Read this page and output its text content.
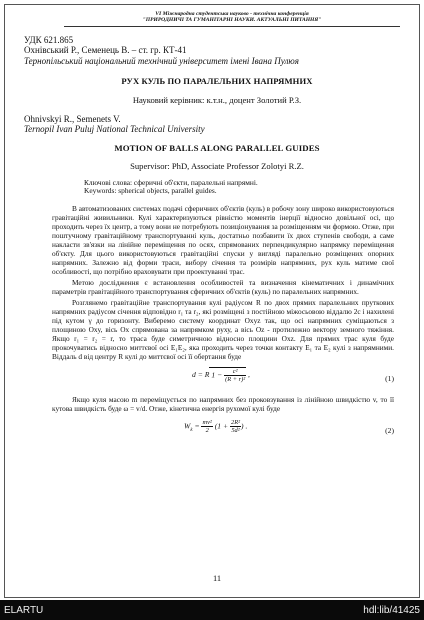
VI Міжнародна студентська науково - технічна конференція
"ПРИРОДНИЧІ ТА ГУМАНІТАРНІ НАУКИ. АКТУАЛЬНІ ПИТАННЯ"
УДК 621.865
Охнівський Р., Семенець В. – ст. гр. КТ-41
Тернопільський національний технічний університет імені Івана Пулюя
РУХ КУЛЬ ПО ПАРАЛЕЛЬНИХ НАПРЯМНИХ
Науковий керівник: к.т.н., доцент Золотий Р.З.
Ohnivskyi R., Semenets V.
Ternopil Ivan Puluj National Technical University
MOTION OF BALLS ALONG PARALLEL GUIDES
Supervisor: PhD, Associate Professor Zolotyi R.Z.
Ключові слова: сферичні об'єкти, паралельні напрямні.
Keywords: spherical objects, parallel guides.

В автоматизованих системах подачі сферичних об'єктів (куль) в робочу зону широко використовуються гравітаційні живильники. Кулі характеризуються рівністю моментів інерції відносно довільної осі, що проходить через їх центр, а тому вони не потребують позиціонування за розміщенням чи формою. Отже, при поштучному гравітаційному транспортуванні куль, достатньо позбавити їх двох ступенів свободи, а саме накласти зв'язки на лінійне переміщення по осях, спрямованих перпендикулярно напрямку переміщення об'єкту. Для цього використовуються гравітаційні спуски у вигляді паралельно розміщених опорних напрямних. Залежно від форми траси, вибору січення та розмірів напрямних, рух куль матиме свої особливості, що потрібно враховувати при проектуванні трас.

Метою дослідження є встановлення особливостей та визначення кінематичних і динамічних параметрів гравітаційного транспортування сферичних об'єктів (куль) по паралельних напрямних.

Розглянемо гравітаційне транспортування кулі радіусом R по двох прямих паралельних пруткових напрямних радіусом січення відповідно r₁ та r₂, які розміщені з постійною міжосьовою віддалю 2c і нахилені під кутом γ до горизонту. Виберемо систему координат Oxyz так, що осі напрямних суміщаються з площиною Oxy, вісь Ox спрямована за напрямком руху, а вісь Oz - протилежно вектору земного тяжіння. Якщо r₁ = r₂ = r, то траса буде симетричною відносно площини Oxz. Для прямих трас куля буде прокочуватись відносно миттєвої осі E₁E₂, яка проходить через точки контакту E₁ та E₂ кулі з напрямними. Віддаль d від центру R кулі до миттєвої осі її обертання буде

d = R $1 - \frac{\text{c²}}{\text{(R + r)²}}$ ,	(1)

Якщо куля масою m переміщується по напрямних без проковзування із лінійною швидкістю v, то її кутова швидкість буде ω = v/d. Отже, кінетична енергія рухомої кулі буде

$W_k = \frac{\text{mv²}}{2} (1 + \frac{\text{2R²}}{\text{5d²}}$ ) .
(2)
11
ELARTU	hdl:lib/41425
